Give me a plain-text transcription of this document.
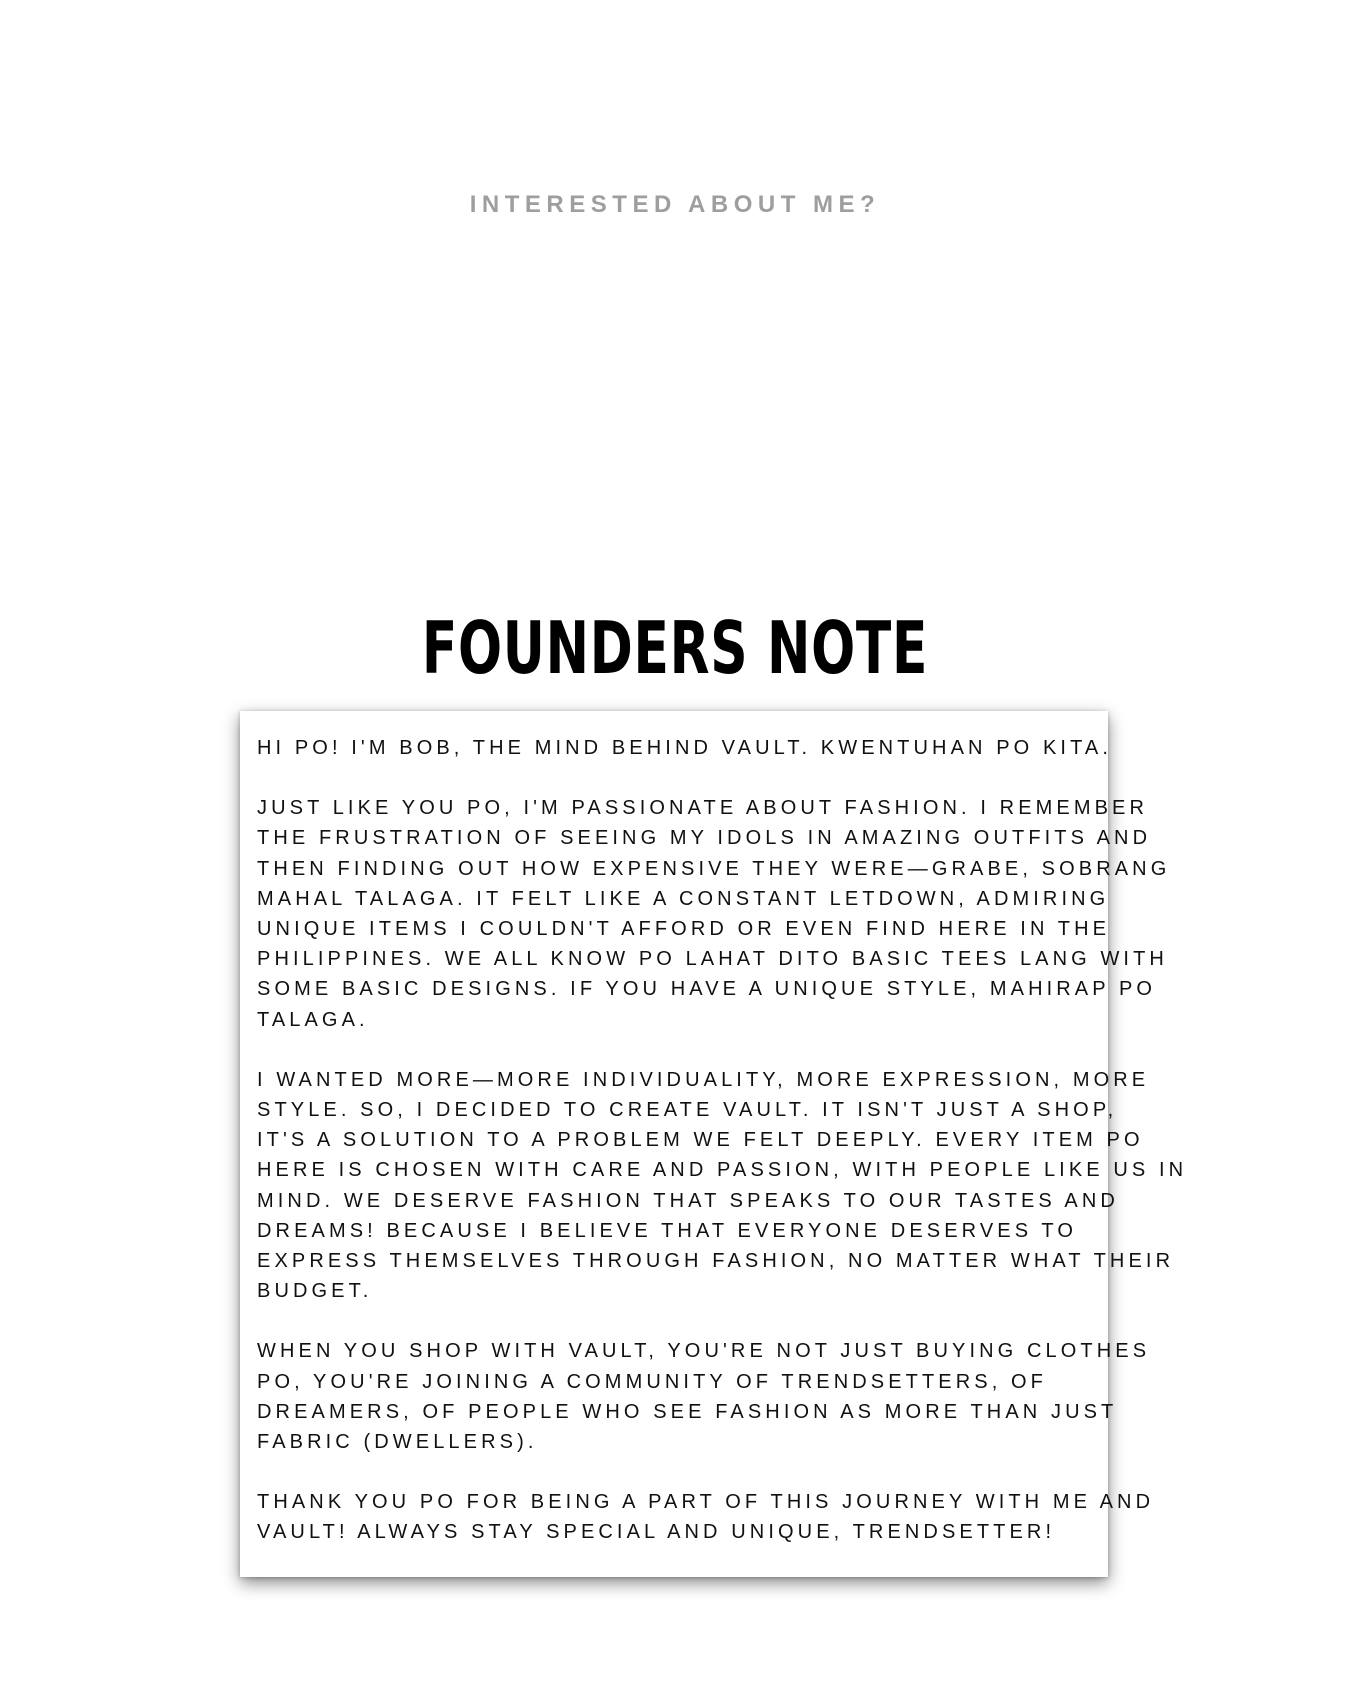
INTERESTED ABOUT ME?

FOUNDERS NOTE

HI PO! I'M BOB, THE MIND BEHIND VAULT. KWENTUHAN PO KITA.

JUST LIKE YOU PO, I'M PASSIONATE ABOUT FASHION. I REMEMBER
THE FRUSTRATION OF SEEING MY IDOLS IN AMAZING OUTFITS AND
THEN FINDING OUT HOW EXPENSIVE THEY WERE—GRABE, SOBRANG
MAHAL TALAGA. IT FELT LIKE A CONSTANT LETDOWN, ADMIRING
UNIQUE ITEMS I COULDN'T AFFORD OR EVEN FIND HERE IN THE
PHILIPPINES. WE ALL KNOW PO LAHAT DITO BASIC TEES LANG WITH
SOME BASIC DESIGNS. IF YOU HAVE A UNIQUE STYLE, MAHIRAP PO
TALAGA.

I WANTED MORE—MORE INDIVIDUALITY, MORE EXPRESSION, MORE
STYLE. SO, I DECIDED TO CREATE VAULT. IT ISN'T JUST A SHOP,
IT'S A SOLUTION TO A PROBLEM WE FELT DEEPLY. EVERY ITEM PO
HERE IS CHOSEN WITH CARE AND PASSION, WITH PEOPLE LIKE US IN
MIND. WE DESERVE FASHION THAT SPEAKS TO OUR TASTES AND
DREAMS! BECAUSE I BELIEVE THAT EVERYONE DESERVES TO
EXPRESS THEMSELVES THROUGH FASHION, NO MATTER WHAT THEIR
BUDGET.

WHEN YOU SHOP WITH VAULT, YOU'RE NOT JUST BUYING CLOTHES
PO, YOU'RE JOINING A COMMUNITY OF TRENDSETTERS, OF
DREAMERS, OF PEOPLE WHO SEE FASHION AS MORE THAN JUST
FABRIC (DWELLERS).

THANK YOU PO FOR BEING A PART OF THIS JOURNEY WITH ME AND
VAULT! ALWAYS STAY SPECIAL AND UNIQUE, TRENDSETTER!
